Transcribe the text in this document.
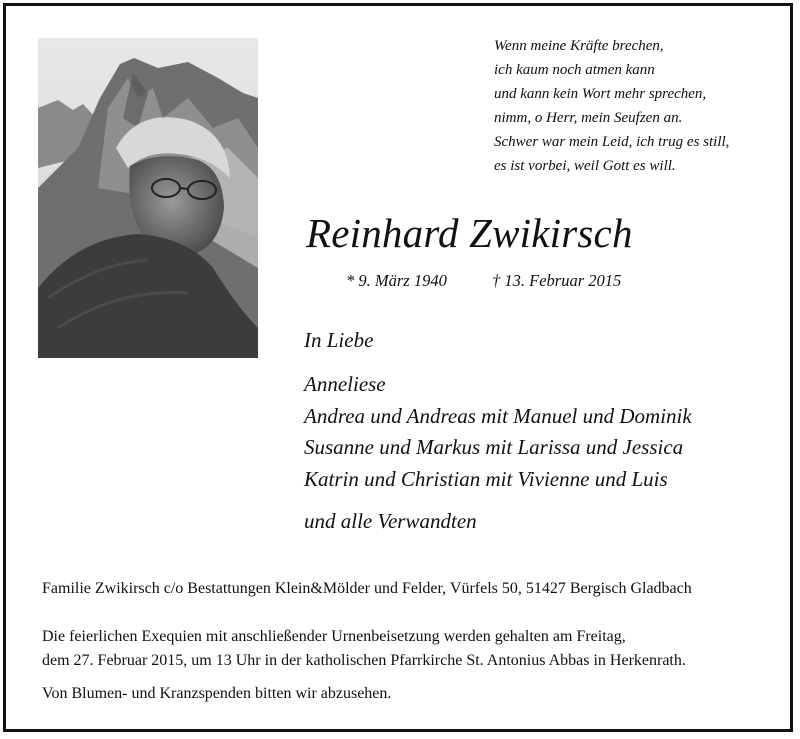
Wenn meine Kräfte brechen,
ich kaum noch atmen kann
und kann kein Wort mehr sprechen,
nimm, o Herr, mein Seufzen an.
Schwer war mein Leid, ich trug es still,
es ist vorbei, weil Gott es will.
Reinhard Zwikirsch
* 9. März 1940	† 13. Februar 2015
In Liebe
Anneliese
Andrea und Andreas mit Manuel und Dominik
Susanne und Markus mit Larissa und Jessica
Katrin und Christian mit Vivienne und Luis
und alle Verwandten
Familie Zwikirsch c/o Bestattungen Klein&Mölder und Felder, Vürfels 50, 51427 Bergisch Gladbach
Die feierlichen Exequien mit anschließender Urnenbeisetzung werden gehalten am Freitag,
dem 27. Februar 2015, um 13 Uhr in der katholischen Pfarrkirche St. Antonius Abbas in Herkenrath.
Von Blumen- und Kranzspenden bitten wir abzusehen.
